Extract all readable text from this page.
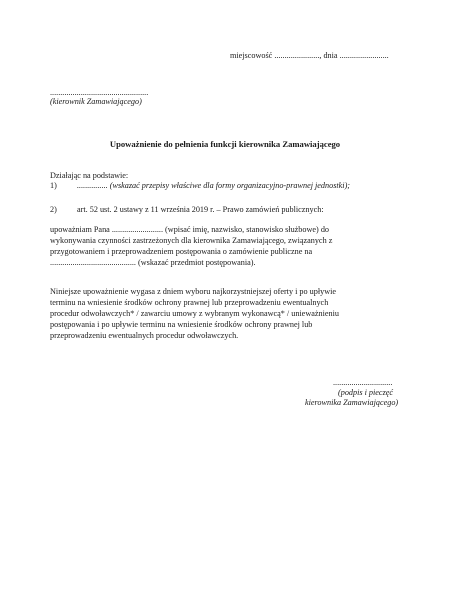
miejscowość ......................, dnia ........................
................................................
(kierownik Zamawiającego)
Upoważnienie do pełnienia funkcji kierownika Zamawiającego
Działając na podstawie:
1) ............... (wskazać przepisy właściwe dla formy organizacyjno-prawnej jednostki);
2) art. 52 ust. 2 ustawy z 11 września 2019 r. – Prawo zamówień publicznych:
upoważniam Pana ......................... (wpisać imię, nazwisko, stanowisko służbowe) do
wykonywania czynności zastrzeżonych dla kierownika Zamawiającego, związanych z
przygotowaniem i przeprowadzeniem postępowania o zamówienie publiczne na
.......................................... (wskazać przedmiot postępowania).
Niniejsze upoważnienie wygasa z dniem wyboru najkorzystniejszej oferty i po upływie
terminu na wniesienie środków ochrony prawnej lub przeprowadzeniu ewentualnych
procedur odwoławczych* / zawarciu umowy z wybranym wykonawcą* / unieważnieniu
postępowania i po upływie terminu na wniesienie środków ochrony prawnej lub
przeprowadzeniu ewentualnych procedur odwoławczych.
.............................
(podpis i pieczęć
kierownika Zamawiającego)
